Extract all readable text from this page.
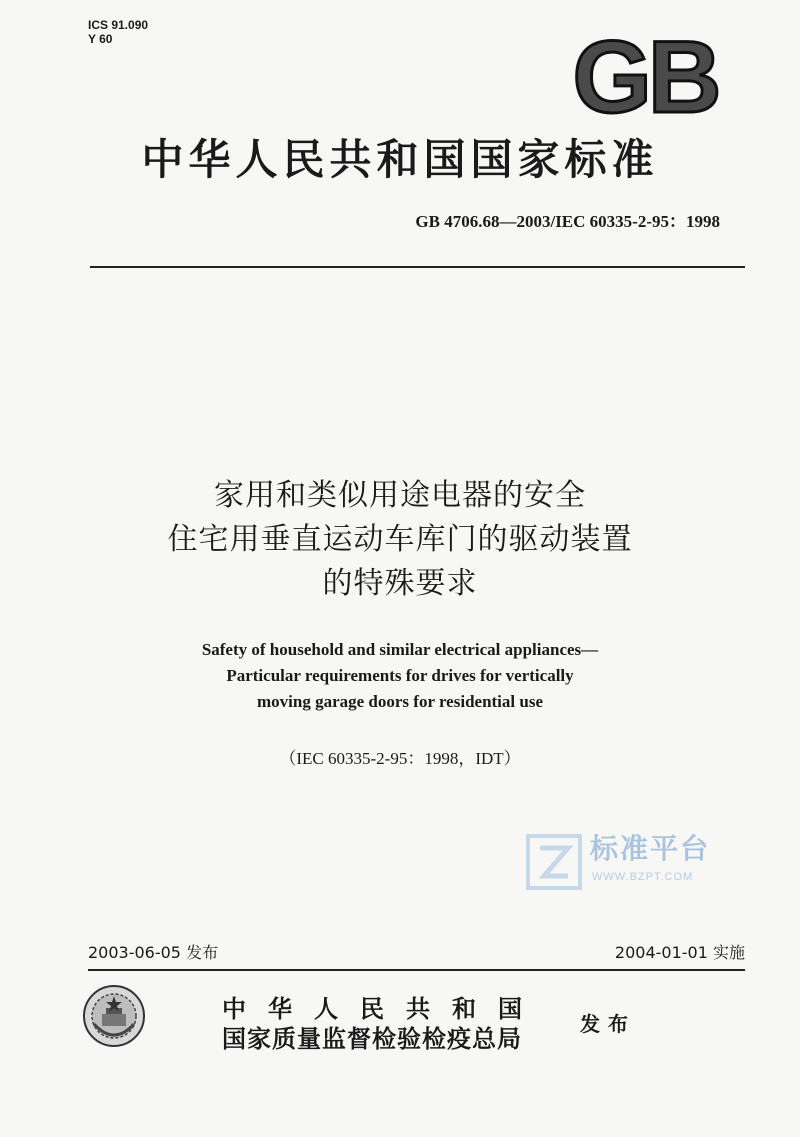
ICS 91.090
Y 60	GB
中华人民共和国国家标准
GB 4706.68—2003/IEC 60335-2-95：1998
家用和类似用途电器的安全
住宅用垂直运动车库门的驱动装置
的特殊要求
Safety of household and similar electrical appliances—
Particular requirements for drives for vertically
moving garage doors for residential use
（IEC 60335-2-95：1998，IDT）
标准平台
WWW.BZPT.COM
2003-06-05 发布	2004-01-01 实施
中华人民共和国
国家质量监督检验检疫总局	发布
